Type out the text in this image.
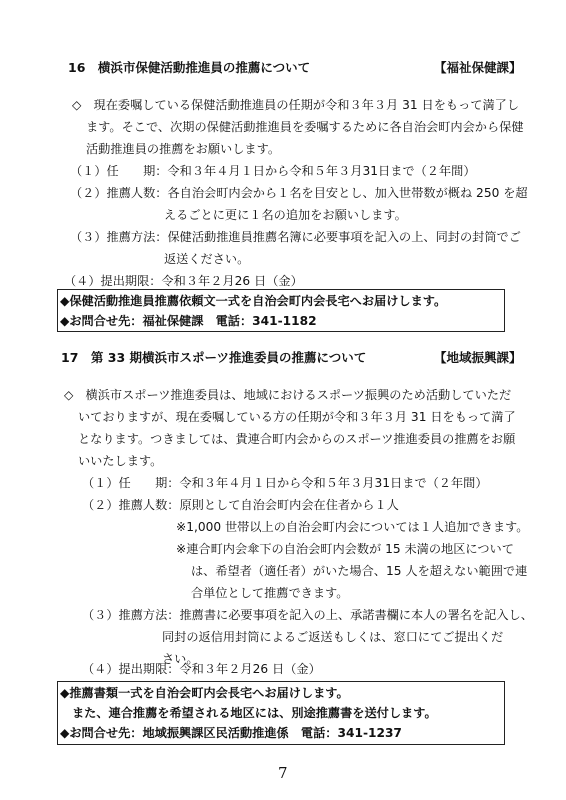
16　横浜市保健活動推進員の推薦について	【福祉保健課】
◇　現在委嘱している保健活動推進員の任期が令和３年３月 31 日をもって満了し
ます。そこで、次期の保健活動推進員を委嘱するために各自治会町内会から保健
活動推進員の推薦をお願いします。
（１）任　　期：令和３年４月１日から令和５年３月31日まで（２年間）
（２）推薦人数：各自治会町内会から１名を目安とし、加入世帯数が概ね 250 を超
えるごとに更に１名の追加をお願いします。
（３）推薦方法：保健活動推進員推薦名簿に必要事項を記入の上、同封の封筒でご
返送ください。
（４）提出期限：令和３年２月26 日（金）
◆保健活動推進員推薦依頼文一式を自治会町内会長宅へお届けします。
◆お問合せ先：福祉保健課　電話：341-1182
17　第 33 期横浜市スポーツ推進委員の推薦について	【地域振興課】
◇　横浜市スポーツ推進委員は、地域におけるスポーツ振興のため活動していただ
いておりますが、現在委嘱している方の任期が令和３年３月 31 日をもって満了
となります。つきましては、貴連合町内会からのスポーツ推進委員の推薦をお願
いいたします。
（１）任　　期：令和３年４月１日から令和５年３月31日まで（２年間）
（２）推薦人数：原則として自治会町内会在住者から１人
※1,000 世帯以上の自治会町内会については１人追加できます。
※連合町内会傘下の自治会町内会数が 15 未満の地区について
は、希望者（適任者）がいた場合、15 人を超えない範囲で連
合単位として推薦できます。
（３）推薦方法：推薦書に必要事項を記入の上、承諾書欄に本人の署名を記入し、
同封の返信用封筒によるご返送もしくは、窓口にてご提出くだ
さい。
（４）提出期限：令和３年２月26 日（金）
◆推薦書類一式を自治会町内会長宅へお届けします。
また、連合推薦を希望される地区には、別途推薦書を送付します。
◆お問合せ先：地域振興課区民活動推進係　電話：341-1237
7
